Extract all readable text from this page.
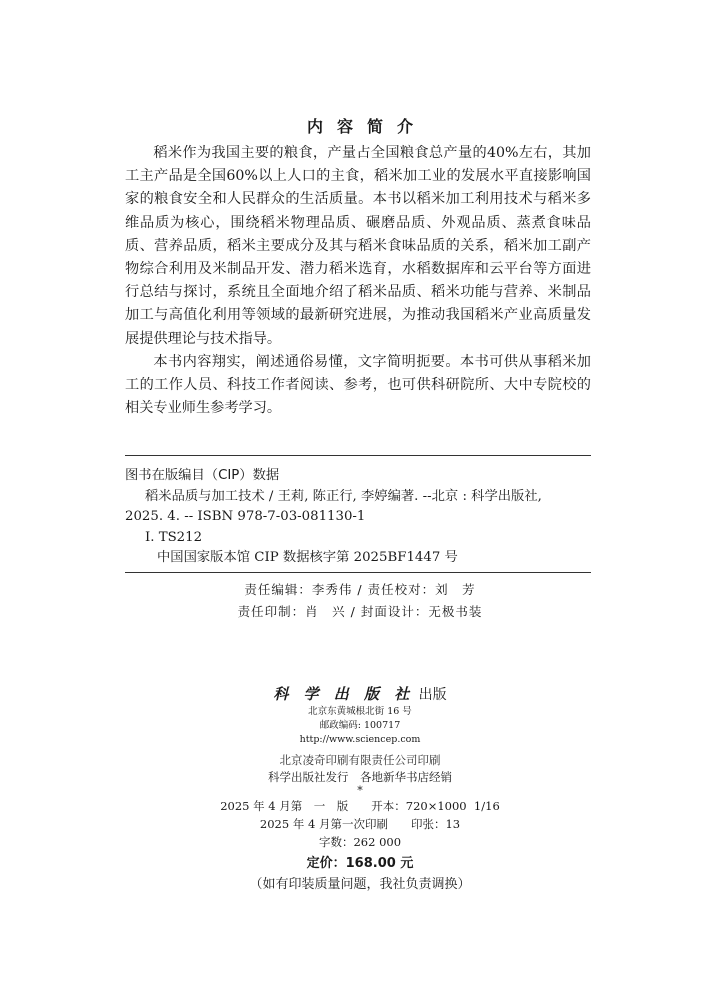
内容简介

稻米作为我国主要的粮食，产量占全国粮食总产量的40%左右，其加工主产品是全国60%以上人口的主食，稻米加工业的发展水平直接影响国家的粮食安全和人民群众的生活质量。本书以稻米加工利用技术与稻米多维品质为核心，围绕稻米物理品质、碾磨品质、外观品质、蒸煮食味品质、营养品质，稻米主要成分及其与稻米食味品质的关系，稻米加工副产物综合利用及米制品开发、潜力稻米选育，水稻数据库和云平台等方面进行总结与探讨，系统且全面地介绍了稻米品质、稻米功能与营养、米制品加工与高值化利用等领域的最新研究进展，为推动我国稻米产业高质量发展提供理论与技术指导。

本书内容翔实，阐述通俗易懂，文字简明扼要。本书可供从事稻米加工的工作人员、科技工作者阅读、参考，也可供科研院所、大中专院校的相关专业师生参考学习。

图书在版编目（CIP）数据
稻米品质与加工技术 / 王莉, 陈正行, 李婷编著. --北京 : 科学出版社,
2025. 4. -- ISBN 978-7-03-081130-1
Ⅰ. TS212
中国国家版本馆 CIP 数据核字第 2025BF1447 号
责任编辑：李秀伟 / 责任校对：刘　芳
责任印制：肖　兴 / 封面设计：无极书装
科 学 出 版 社 出版
北京东黄城根北街 16 号
邮政编码: 100717
http://www.sciencep.com
北京凌奇印刷有限责任公司印刷
科学出版社发行　各地新华书店经销
*
2025 年 4 月第　一　版　　开本：720×1000  1/16
2025 年 4 月第一次印刷　　印张：13
字数：262 000
定价：168.00 元
（如有印装质量问题，我社负责调换）
